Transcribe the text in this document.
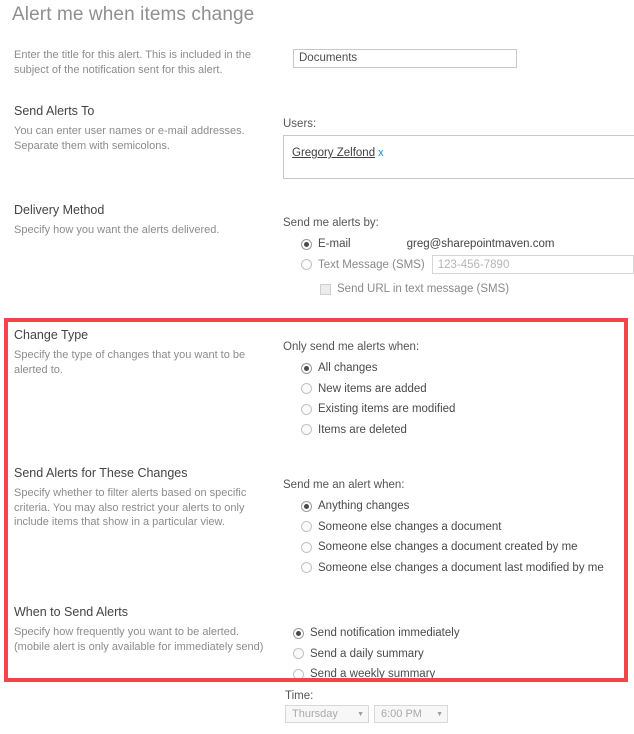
Alert me when items change

Enter the title for this alert. This is included in the subject of the notification sent for this alert.

Documents
Send Alerts To

You can enter user names or e-mail addresses. Separate them with semicolons.

Users:
Gregory Zelfond x
Delivery Method

Specify how you want the alerts delivered.

Send me alerts by:
E-mail	greg@sharepointmaven.com
Text Message (SMS)
123-456-7890
Send URL in text message (SMS)
Change Type

Specify the type of changes that you want to be alerted to.

Only send me alerts when:
All changes
New items are added
Existing items are modified
Items are deleted
Send Alerts for These Changes

Specify whether to filter alerts based on specific criteria. You may also restrict your alerts to only include items that show in a particular view.

Send me an alert when:
Anything changes
Someone else changes a document
Someone else changes a document created by me
Someone else changes a document last modified by me
When to Send Alerts

Specify how frequently you want to be alerted.

(mobile alert is only available for immediately send)

Send notification immediately
Send a daily summary
Send a weekly summary
Time:
Thursday	▼ 6:00 PM ▼
